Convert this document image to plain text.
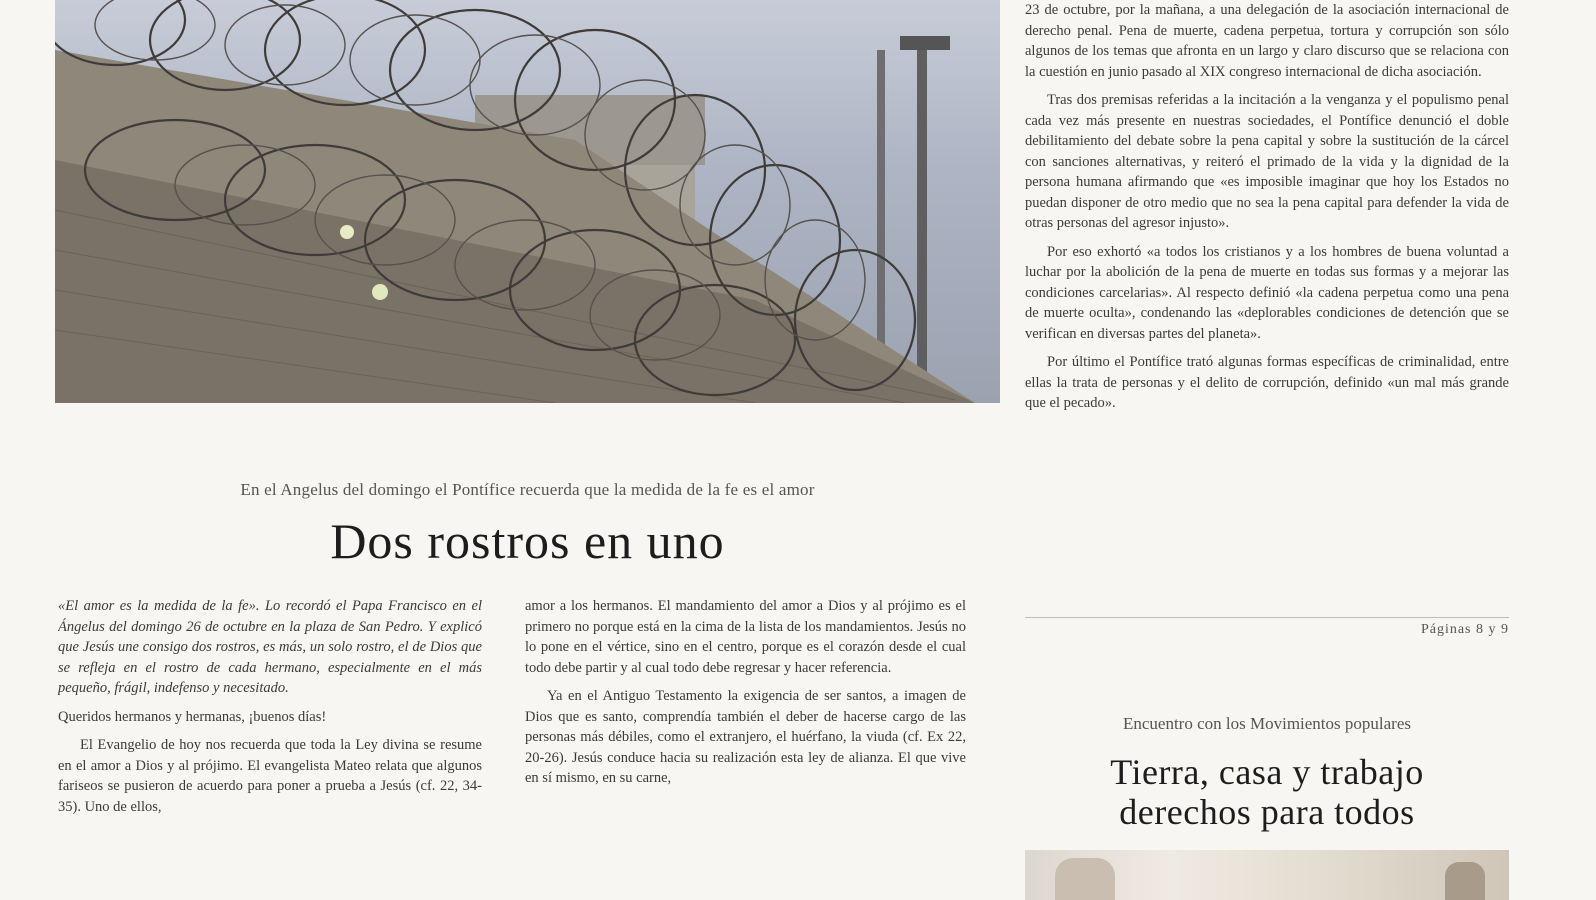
En el Angelus del domingo el Pontífice recuerda que la medida de la fe es el amor
Dos rostros en uno

«El amor es la medida de la fe». Lo recordó el Papa Francisco en el Ángelus del domingo 26 de octubre en la plaza de San Pedro. Y explicó que Jesús une consigo dos rostros, es más, un solo rostro, el de Dios que se refleja en el rostro de cada hermano, especialmente en el más pequeño, frágil, indefenso y necesitado.

Queridos hermanos y hermanas, ¡buenos días!

El Evangelio de hoy nos recuerda que toda la Ley divina se resume en el amor a Dios y al prójimo. El evangelista Mateo relata que algunos fariseos se pusieron de acuerdo para poner a prueba a Jesús (cf. 22, 34-35). Uno de ellos,

amor a los hermanos. El mandamiento del amor a Dios y al prójimo es el primero no porque está en la cima de la lista de los mandamientos. Jesús no lo pone en el vértice, sino en el centro, porque es el corazón desde el cual todo debe partir y al cual todo debe regresar y hacer referencia.

Ya en el Antiguo Testamento la exigencia de ser santos, a imagen de Dios que es santo, comprendía también el deber de hacerse cargo de las personas más débiles, como el extranjero, el huérfano, la viuda (cf. Ex 22, 20-26). Jesús conduce hacia su realización esta ley de alianza. El que vive en sí mismo, en su carne,

23 de octubre, por la mañana, a una delegación de la asociación internacional de derecho penal. Pena de muerte, cadena perpetua, tortura y corrupción son sólo algunos de los temas que afronta en un largo y claro discurso que se relaciona con la cuestión en junio pasado al XIX congreso internacional de dicha asociación.

Tras dos premisas referidas a la incitación a la venganza y el populismo penal cada vez más presente en nuestras sociedades, el Pontífice denunció el doble debilitamiento del debate sobre la pena capital y sobre la sustitución de la cárcel con sanciones alternativas, y reiteró el primado de la vida y la dignidad de la persona humana afirmando que «es imposible imaginar que hoy los Estados no puedan disponer de otro medio que no sea la pena capital para defender la vida de otras personas del agresor injusto».

Por eso exhortó «a todos los cristianos y a los hombres de buena voluntad a luchar por la abolición de la pena de muerte en todas sus formas y a mejorar las condiciones carcelarias». Al respecto definió «la cadena perpetua como una pena de muerte oculta», condenando las «deplorables condiciones de detención que se verifican en diversas partes del planeta».

Por último el Pontífice trató algunas formas específicas de criminalidad, entre ellas la trata de personas y el delito de corrupción, definido «un mal más grande que el pecado».

Páginas 8 y 9
Encuentro con los Movimientos populares
Tierra, casa y trabajo
derechos para todos
